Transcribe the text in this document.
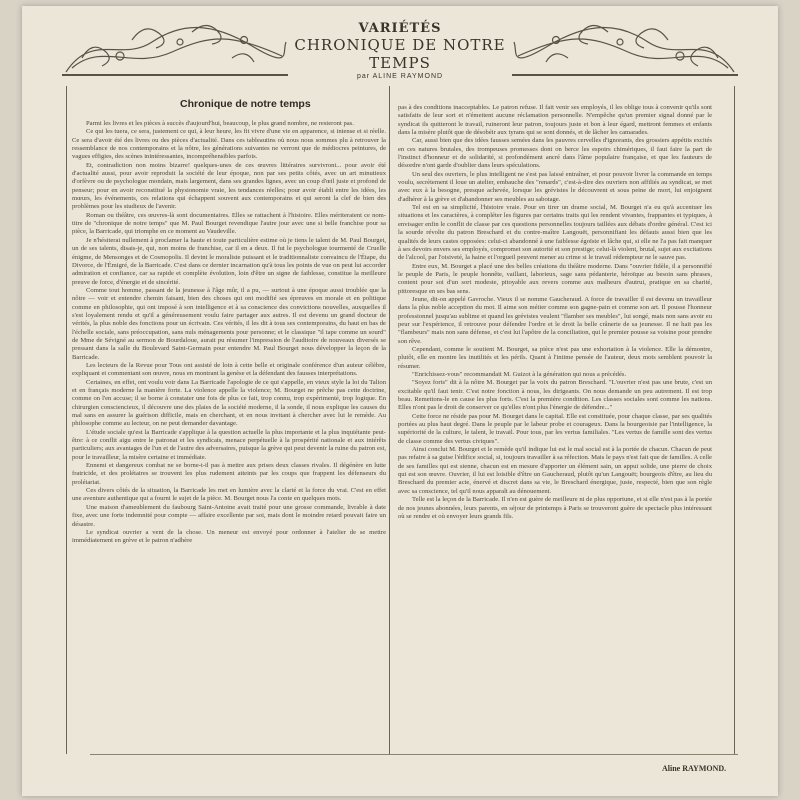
VARIÉTÉS
CHRONIQUE DE NOTRE TEMPS
par ALINE RAYMOND
Chronique de notre temps

Parmi les livres et les pièces à succès d'aujourd'hui, beaucoup, le plus grand nombre, ne resteront pas.

Ce qui les tuera, ce sera, justement ce qui, à leur heure, les fit vivre d'une vie en apparence, si intense et si réelle. Ce sera d'avoir été des livres ou des pièces d'actualité. Dans ces tableautins où nous nous sommes plu à retrouver la ressemblance de nos contemporains et la nôtre, les générations suivantes ne verront que de médiocres peintures, de vagues effigies, des scènes inintéressantes, incompréhensibles parfois.

Et, contradiction non moins bizarre! quelques-unes de ces œuvres littéraires survivront... pour avoir été d'actualité aussi, pour avoir reproduit la société de leur époque, non par ses petits côtés, avec un art minutieux d'orfèvre ou de psychologue mondain, mais largement, dans ses grandes lignes, avec un coup d'œil juste et profond de penseur; pour en avoir reconstitué la physionomie vraie, les tendances réelles; pour avoir établi entre les idées, les mœurs, les événements, ces relations qui échappent souvent aux contemporains et qui seront la clef de bien des problèmes pour les studieux de l'avenir.

Roman ou théâtre, ces œuvres-là sont documentaires. Elles se rattachent à l'histoire. Elles mériteraient ce nom-titre de "chronique de notre temps" que M. Paul Bourget revendique l'autre jour avec une si belle franchise pour sa pièce, la Barricade, qui triomphe en ce moment au Vaudeville.

Je n'hésiterai nullement à proclamer la haute et toute particulière estime où je tiens le talent de M. Paul Bourget, un de ses talents, disais-je, qui, non moins de franchise, car il en a deux. Il fut le psychologue tourmenté de Cruelle énigme, de Mensonges et de Cosmopolis. Il devint le moraliste puissant et le traditionnaliste convaincu de l'Étape, du Divorce, de l'Émigré, de la Barricade. C'est dans ce dernier incarnation qu'à tous les points de vue on peut lui accorder admiration et confiance, car sa rapide et complète évolution, loin d'être un signe de faiblesse, constitue la meilleure preuve de force, d'énergie et de sincérité.

Comme tout homme, passant de la jeunesse à l'âge mûr, il a pu, — surtout à une époque aussi troublée que la nôtre — voir et entendre chemin faisant, bien des choses qui ont modifié ses épreuves en morale et en politique comme en philosophie, qui ont imposé à son intelligence et à sa conscience des convictions nouvelles, auxquelles il s'est loyalement rendu et qu'il a généreusement voulu faire partager aux autres. Il est devenu un grand docteur de vérités, la plus noble des fonctions pour un écrivain. Ces vérités, il les dit à tous ses contemporains, du haut en bas de l'échelle sociale, sans préoccupation, sans nuls ménagements pour personne; et le classique "il tape comme un sourd" de Mme de Sévigné au sermon de Bourdaloue, aurait pu résumer l'impression de l'auditoire de nouveaux diversés se pressant dans la salle du Boulevard Saint-Germain pour entendre M. Paul Bourget nous développer la leçon de la Barricade.

Les lecteurs de la Revue pour Tous ont assisté de loin à cette belle et originale conférence d'un auteur célèbre, expliquant et commentant son œuvre, nous en montrant la genèse et la défendant des fausses interprétations.

Certaines, en effet, ont voulu voir dans La Barricade l'apologie de ce qui s'appelle, en vieux style la loi du Talion et en français moderne la manière forte. La violence appelle la violence; M. Bourget ne prêche pas cette doctrine, comme on l'en accuse; il se borne à constater une fois de plus ce fait, trop connu, trop expérimenté, trop logique. En chirurgien consciencieux, il découvre une des plaies de la société moderne, il la sonde, il nous explique les causes du mal sans en assurer la guérison difficile, mais en cherchant, et en nous invitant à chercher avec lui le remède. Au philosophe comme au lecteur, on ne peut demander davantage.

L'étude sociale qu'est la Barricade s'applique à la question actuelle la plus importante et la plus inquiétante peut-être: à ce conflit aigu entre le patronat et les syndicats, menace perpétuelle à la prospérité nationale et aux intérêts particuliers; aux avantages de l'un et de l'autre des adversaires, puisque la grève qui peut devenir la ruine du patron est, pour le travailleur, la misère certaine et immédiate.

Ennemi et dangereux combat ne se borne-t-il pas à mettre aux prises deux classes rivales. Il dégénère en lutte fratricide, et des prolétaires se trouvent les plus rudement atteints par les coups que frappent les défenseurs du prolétariat.

Ces divers côtés de la situation, la Barricade les met en lumière avec la clarté et la force du vrai. C'est en effet une aventure authentique qui a fourni le sujet de la pièce. M. Bourget nous l'a conte en quelques mots.

Une maison d'ameublement du faubourg Saint-Antoine avait traité pour une grosse commande, livrable à date fixe, avec une forte indemnité pour compte — affaire excellente par soi, mais dont le moindre retard pouvait faire un désastre.

Le syndicat ouvrier a vent de la chose. Un meneur est envoyé pour ordonner à l'atelier de se mettre immédiatement en grève et le patron n'adhère

pas à des conditions inacceptables. Le patron refuse. Il fait venir ses employés, il les oblige tous à convenir qu'ils sont satisfaits de leur sort et n'émettent aucune réclamation personnelle. N'empêche qu'un premier signal donné par le syndicat ils quitteront le travail, ruineront leur patron, toujours juste et bon à leur égard, mettront femmes et enfants dans la misère plutôt que de désobéir aux tyrans qui se sont donnés, et de lâcher les camarades.

Car, aussi bien que des idées fausses semées dans les pauvres cervelles d'ignorants, des grossiers appétits excités en ces natures brutales, des trompeuses promesses dont on berce les espoirs chimériques, il faut faire la part de l'instinct d'honneur et de solidarité, si profondément ancré dans l'âme populaire française, et que les fauteurs de désordre n'ont garde d'oublier dans leurs spéculations.

Un seul des ouvriers, le plus intelligent ne s'est pas laissé entraîner, et pour pouvoir livrer la commande en temps voulu, secrètement il loue un atelier, embauche des "renards", c'est-à-dire des ouvriers non affiliés au syndicat, se met avec eux à la besogne, presque achevée, lorsque les grévistes le découvrent et sous peine de mort, lui enjoignent d'adhérer à la grève et d'abandonner ses meubles au sabotage.

Tel est en sa simplicité, l'histoire vraie. Pour en tirer un drame social, M. Bourget n'a eu qu'à accentuer les situations et les caractères, à compléter les figures par certains traits qui les rendent vivantes, frappantes et typiques, à envisager enfin le conflit de classe par ces questions personnelles toujours taillées aux débats d'ordre général. C'est ici la sourde révolte du patron Breschard et du contre-maître Langouët, personnifiant les défauts aussi bien que les qualités de leurs castes opposées: celui-ci abandonné à une faiblesse égoïste et lâche qui, si elle ne l'a pas fait manquer à ses devoirs envers ses employés, compromet son autorité et son prestige; celui-là violent, brutal, sujet aux excitations de l'alcool, par l'oisiveté, la haine et l'orgueil peuvent mener au crime si le travail rédempteur ne le sauve pas.

Entre eux, M. Bourget a placé une des belles créations du théâtre moderne. Dans "ouvrier fidèle, il a personnifié le peuple de Paris, le peuple honnête, vaillant, laborieux, sage sans pédanterie, héroïque au besoin sans phrases, content pour soi d'un sort modeste, pitoyable aux revers comme aux malheurs d'autrui, pratique en sa charité, pittoresque en ses bas sens.

Jeune, dit-on appelé Gavroche. Vieux il se nomme Gaucheraud. A force de travailler il est devenu un travailleur dans la plus noble acception du mot. Il aime son métier comme son gagne-pain et comme son art. Il pousse l'honneur professionnel jusqu'au sublime et quand les grévistes veulent "flamber ses meubles", lui songé, mais non sans avoir eu peur sur l'expérience, il retrouve pour défendre l'ordre et le droit la belle crânerie de sa jeunesse. Il ne hait pas les "flambeurs" mais non sans défense, et c'est lui l'apôtre de la conciliation, qui le premier pousse sa voisine pour prendre son rêve.

Cependant, comme le soutient M. Bourget, sa pièce n'est pas une exhortation à la violence. Elle la démontre, plutôt, elle en montre les inutilités et les périls. Quant à l'intime pensée de l'auteur, deux mots semblent pouvoir la résumer.

"Enrichissez-vous" recommandait M. Guizot à la génération qui nous a précédés.

"Soyez forts" dit à la nôtre M. Bourget par la voix du patron Breschard. "L'ouvrier n'est pas une brute, c'est un excitable qu'il faut tenir. C'est notre fonction à nous, les dirigeants. On nous demande un peu autrement. Il est trop beau. Remettons-le en cause les plus forts. C'est la première condition. Les classes sociales sont comme les nations. Elles n'ont pas le droit de conserver ce qu'elles n'ont plus l'énergie de défendre..."

Cette force ne réside pas pour M. Bourget dans le capital. Elle est constituée, pour chaque classe, par ses qualités portées au plus haut degré. Dans le peuple par le labeur probe et courageux. Dans la bourgeoisie par l'intelligence, la supériorité de la culture, le talent, le travail. Pour tous, par les vertus familiales. "Les vertus de famille sont des vertus de classe comme des vertus civiques".

Ainsi conclut M. Bourget et le remède qu'il indique lui est le mal social est à la portée de chacun. Chacun de peut pas refaire à sa guise l'édifice social, si, toujours travailler à sa réfection. Mais le pays n'est fait que de familles. A celle de ses familles qui est sienne, chacun est en mesure d'apporter un élément sain, un appui solide, une pierre de choix qui est son œuvre. Ouvrier, il lui est loisible d'être un Gaucheraud, plutôt qu'un Langouët; bourgeois d'être, au lieu du Breschard du premier acte, énervé et discret dans sa vie, le Breschard énergique, juste, respecté, bien que son règle avec sa conscience, tel qu'il nous apparaît au dénouement.

Telle est la leçon de la Barricade. Il n'en est guère de meilleure ni de plus opportune, et si elle n'est pas à la portée de nos jeunes abonnées, leurs parents, en séjour de printemps à Paris se trouveront guère de spectacle plus intéressant où se rendre et où envoyer leurs grands fils.

Aline RAYMOND.
